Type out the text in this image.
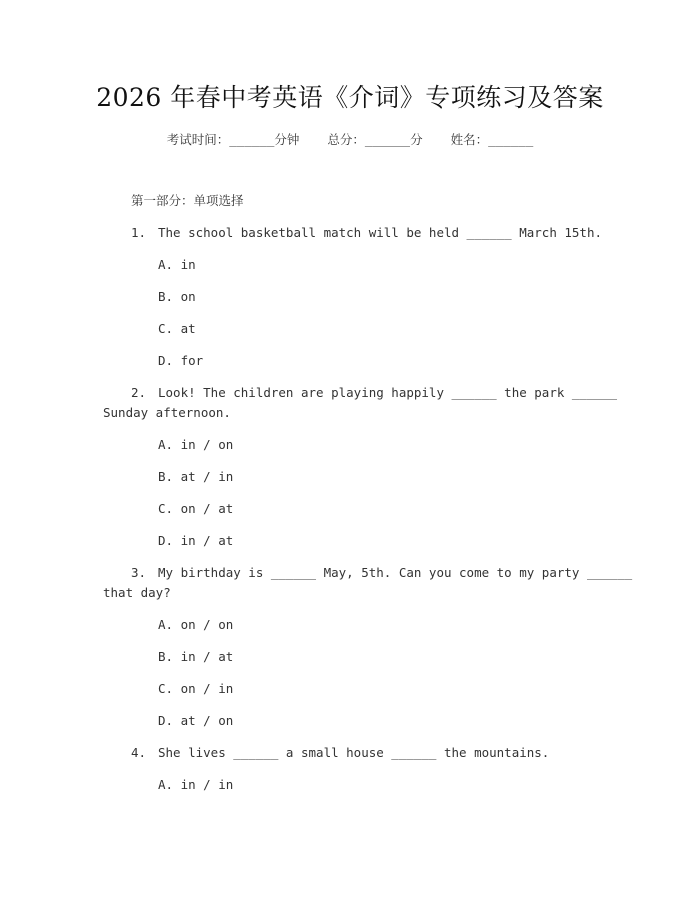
2026 年春中考英语《介词》专项练习及答案
考试时间：______分钟 总分：______分 姓名：______
第一部分：单项选择
1. The school basketball match will be held ______ March 15th.
A. in
B. on
C. at
D. for
2. Look! The children are playing happily ______ the park ______
Sunday afternoon.
A. in / on
B. at / in
C. on / at
D. in / at
3. My birthday is ______ May, 5th. Can you come to my party ______
that day?
A. on / on
B. in / at
C. on / in
D. at / on
4. She lives ______ a small house ______ the mountains.
A. in / in
